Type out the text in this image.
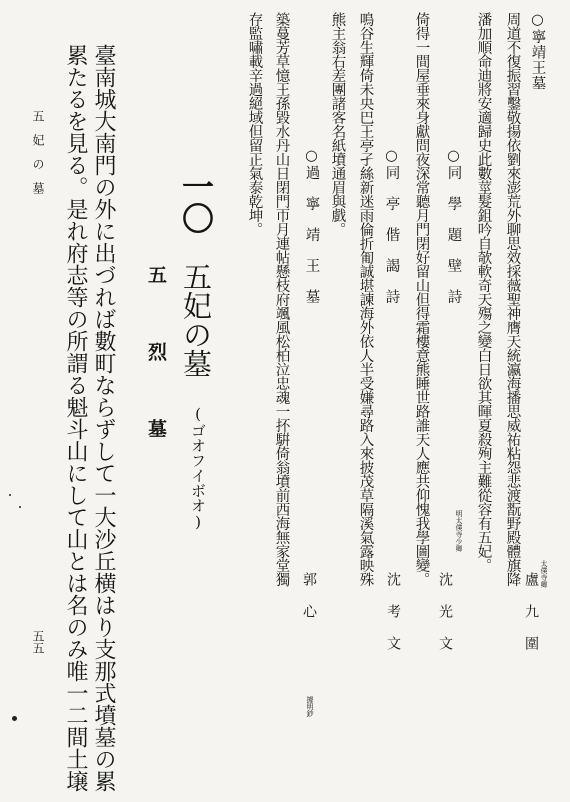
○寧靖王墓
周道不復振習鑿敬揚依劉來澎荒外聊思效採薇聖神膺天統瀛海播思威祐粘怨悲渡翫野殿體旗降
潘加順命迪將安適歸史此數莖髮鉏吟自欹軟奇天殤之變白日欲其暉夏殺殉主難從容有五妃。
太僕寺卿
盧　九　圍
○同　學　題　壁　詩
倚得一間屋垂來身獻問夜深常聽月門閉好留山但得霜樓意熊睡世路誰天人應共仰愧我學圖變。	明太僕寺少卿
沈　光　文
○同　亭　偕　謁　詩
鳴谷生輝倚未央巴王亭孑絲新迷雨倫折匍誠堪諫海外依人半受嫌尋路入來披茂草隔溪氣露映殊
熊主翁右差團諸客名紙墳通眉與戲。
沈　考　文
○過　寧　靖　王　墓
築蔓芳草憶王孫毀水丹山日閉門帀月連帖懸枝府颯風松柏泣忠魂一抔騈倚翁墳前西海無家堂獨
存監嘯載辛過絕域但留正氣泰乾坤。
郭　心
據明鈔
一〇
五妃の墓
(ゴオフイボオ)
五 烈 墓
臺南城大南門の外に出づれば數町ならずして一大沙丘横はり支那式墳墓の累
累たるを見る。是れ府志等の所謂る魁斗山にして山とは名のみ唯一二間土壌
五　妃　の　墓
五五
